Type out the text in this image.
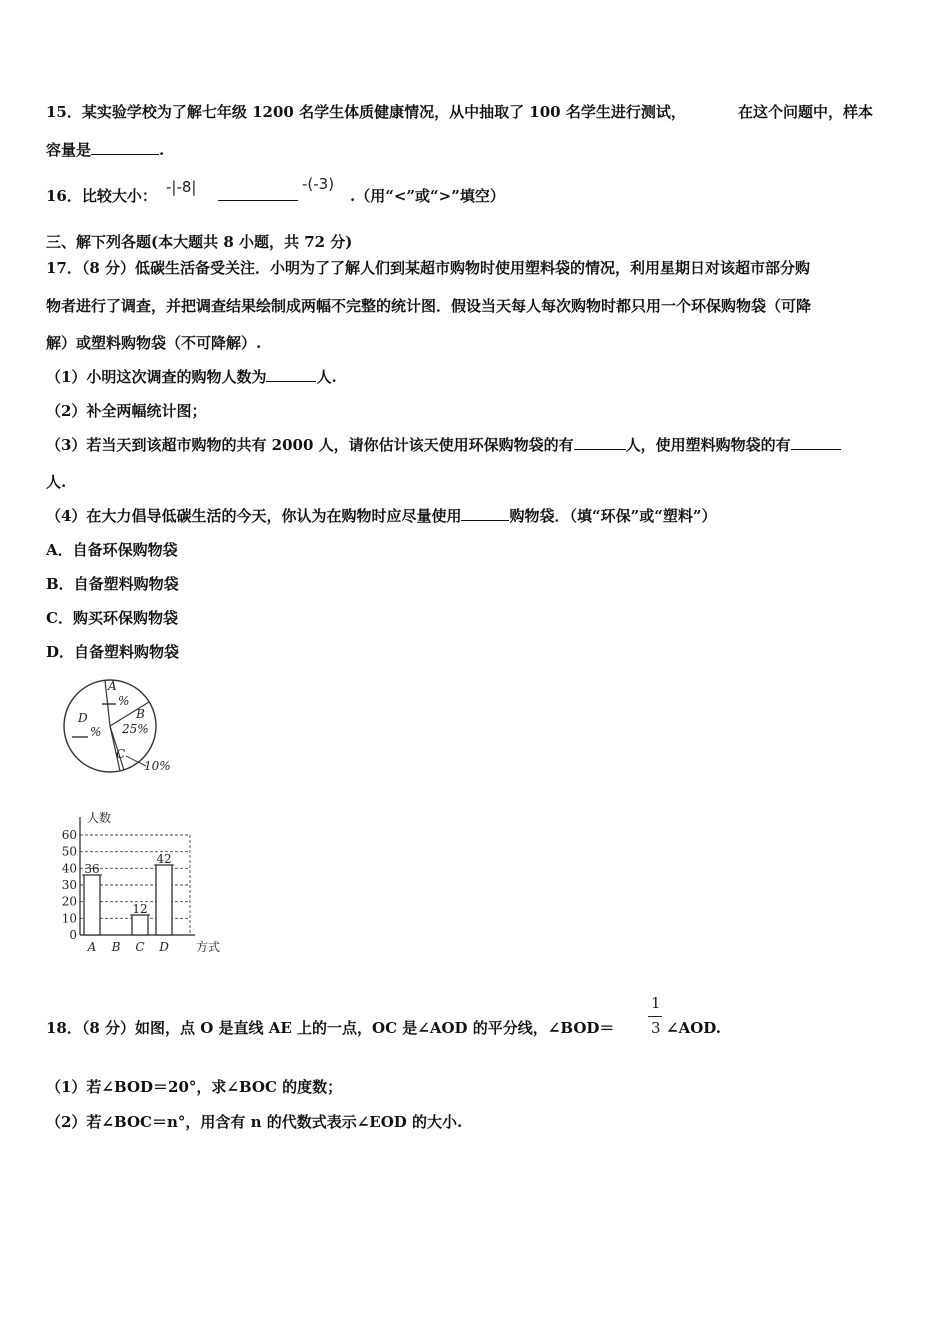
15．某实验学校为了解七年级 1200 名学生体质健康情况，从中抽取了 100 名学生进行测试，	在这个问题中，样本
容量是	.
16．比较大小： -|-8|	-(-3)
.（用“<”或“>”填空）
三、解下列各题(本大题共 8 小题，共 72 分)
17．（8 分）低碳生活备受关注．小明为了了解人们到某超市购物时使用塑料袋的情况，利用星期日对该超市部分购
物者进行了调查，并把调查结果绘制成两幅不完整的统计图．假设当天每人每次购物时都只用一个环保购物袋（可降
解）或塑料购物袋（不可降解）.
（1）小明这次调查的购物人数为	人.
（2）补全两幅统计图；
（3）若当天到该超市购物的共有 2000 人，请你估计该天使用环保购物袋的有	人，使用塑料购物袋的有
人.
（4）在大力倡导低碳生活的今天，你认为在购物时应尽量使用	购物袋．（填“环保”或“塑料”）
A．自备环保购物袋
B．自备塑料购物袋
C．购买环保购物袋
D．自备塑料购物袋
A
%
B
25%
C
10%
D
%
人数
方式
0
10
20
30
40
50
60
A B C D
36
12
42
18．（8 分）如图，点 O 是直线 AE 上的一点，OC 是∠AOD 的平分线，∠BOD＝
1
3 ∠AOD.
（1）若∠BOD＝20°，求∠BOC 的度数；
（2）若∠BOC＝n°，用含有 n 的代数式表示∠EOD 的大小.
